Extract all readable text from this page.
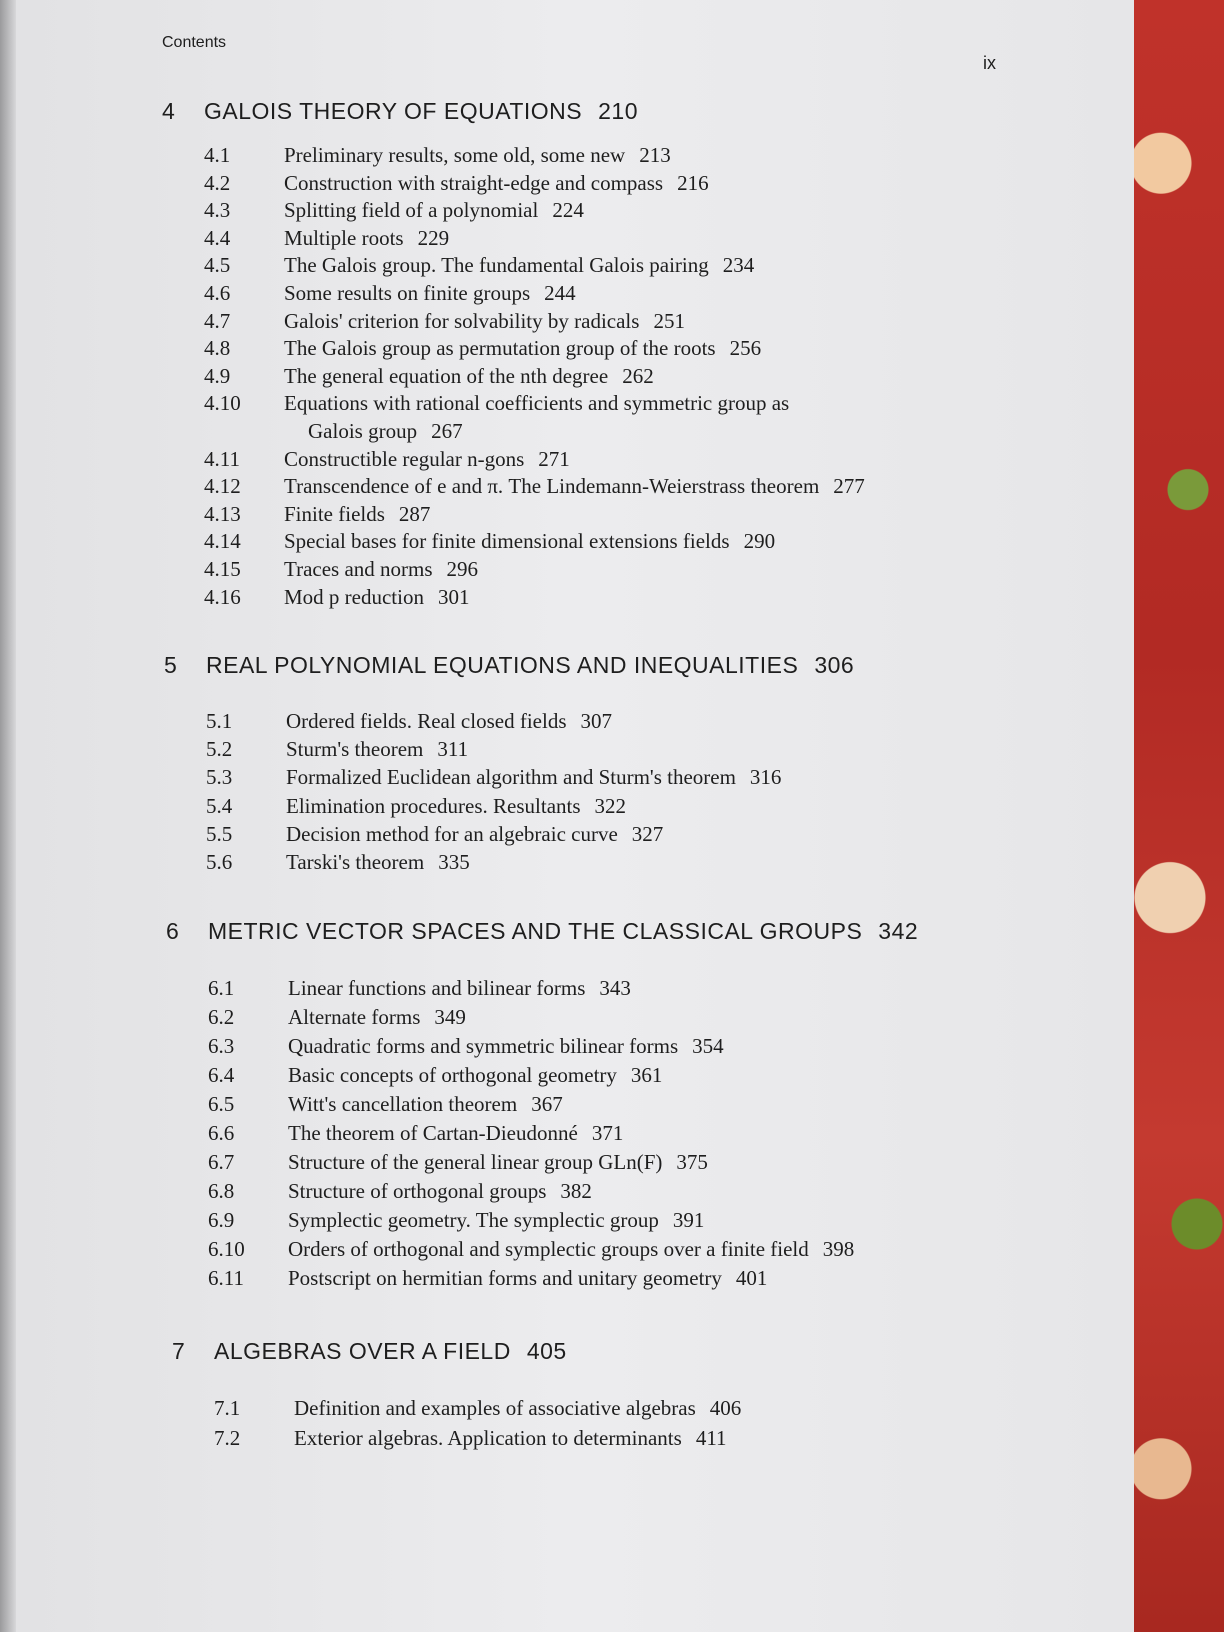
Contents
ix
4 GALOIS THEORY OF EQUATIONS 210
4.1	Preliminary results, some old, some new 213
4.2	Construction with straight-edge and compass 216
4.3	Splitting field of a polynomial 224
4.4	Multiple roots 229
4.5	The Galois group. The fundamental Galois pairing 234
4.6	Some results on finite groups 244
4.7	Galois' criterion for solvability by radicals 251
4.8	The Galois group as permutation group of the roots 256
4.9	The general equation of the nth degree 262
4.10 Equations with rational coefficients and symmetric group as
Galois group 267
4.11 Constructible regular n-gons 271
4.12 Transcendence of e and π. The Lindemann-Weierstrass theorem 277
4.13 Finite fields 287
4.14 Special bases for finite dimensional extensions fields 290
4.15 Traces and norms 296
4.16 Mod p reduction 301
5 REAL POLYNOMIAL EQUATIONS AND INEQUALITIES 306
5.1	Ordered fields. Real closed fields 307
5.2	Sturm's theorem 311
5.3	Formalized Euclidean algorithm and Sturm's theorem 316
5.4	Elimination procedures. Resultants 322
5.5	Decision method for an algebraic curve 327
5.6	Tarski's theorem 335
6 METRIC VECTOR SPACES AND THE CLASSICAL GROUPS 342
6.1	Linear functions and bilinear forms 343
6.2	Alternate forms 349
6.3	Quadratic forms and symmetric bilinear forms 354
6.4	Basic concepts of orthogonal geometry 361
6.5	Witt's cancellation theorem 367
6.6	The theorem of Cartan-Dieudonné 371
6.7	Structure of the general linear group GLn(F) 375
6.8	Structure of orthogonal groups 382
6.9	Symplectic geometry. The symplectic group 391
6.10 Orders of orthogonal and symplectic groups over a finite field 398
6.11 Postscript on hermitian forms and unitary geometry 401
7 ALGEBRAS OVER A FIELD 405
7.1	Definition and examples of associative algebras 406
7.2	Exterior algebras. Application to determinants 411
